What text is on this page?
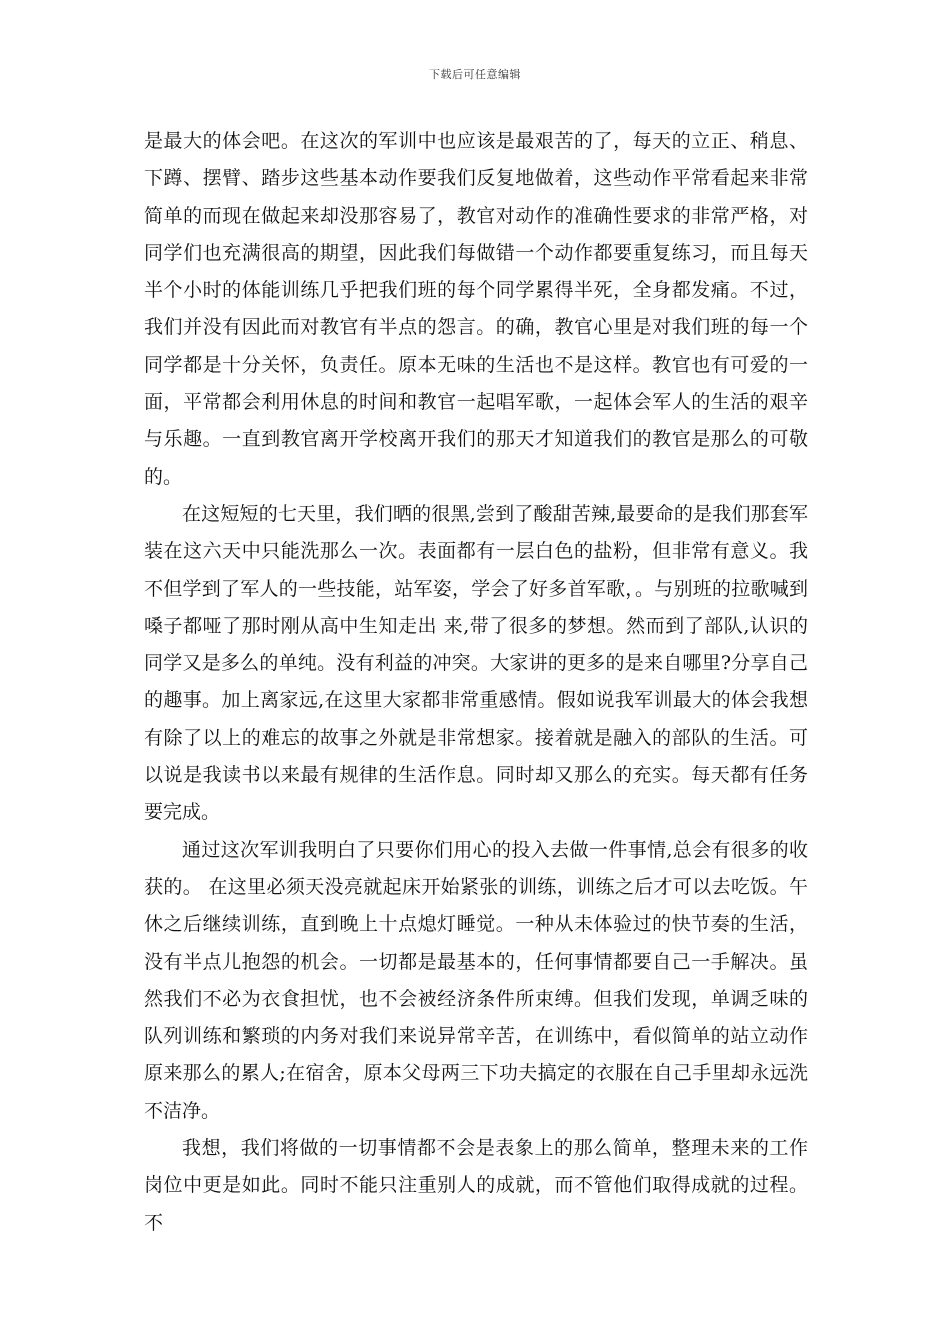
下载后可任意编辑

是最大的体会吧。在这次的军训中也应该是最艰苦的了，每天的立正、稍息、下蹲、摆臂、踏步这些基本动作要我们反复地做着，这些动作平常看起来非常简单的而现在做起来却没那容易了，教官对动作的准确性要求的非常严格，对同学们也充满很高的期望，因此我们每做错一个动作都要重复练习，而且每天半个小时的体能训练几乎把我们班的每个同学累得半死，全身都发痛。不过，我们并没有因此而对教官有半点的怨言。的确，教官心里是对我们班的每一个同学都是十分关怀，负责任。原本无味的生活也不是这样。教官也有可爱的一面，平常都会利用休息的时间和教官一起唱军歌，一起体会军人的生活的艰辛与乐趣。一直到教官离开学校离开我们的那天才知道我们的教官是那么的可敬的。

在这短短的七天里，我们晒的很黑,尝到了酸甜苦辣,最要命的是我们那套军装在这六天中只能洗那么一次。表面都有一层白色的盐粉，但非常有意义。我不但学到了军人的一些技能，站军姿，学会了好多首军歌，。与别班的拉歌喊到嗓子都哑了那时刚从高中生知走出 来,带了很多的梦想。然而到了部队,认识的同学又是多么的单纯。没有利益的冲突。大家讲的更多的是来自哪里?分享自己的趣事。加上离家远,在这里大家都非常重感情。假如说我军训最大的体会我想有除了以上的难忘的故事之外就是非常想家。接着就是融入的部队的生活。可以说是我读书以来最有规律的生活作息。同时却又那么的充实。每天都有任务要完成。

通过这次军训我明白了只要你们用心的投入去做一件事情,总会有很多的收获的。 在这里必须天没亮就起床开始紧张的训练，训练之后才可以去吃饭。午休之后继续训练，直到晚上十点熄灯睡觉。一种从未体验过的快节奏的生活，没有半点儿抱怨的机会。一切都是最基本的，任何事情都要自己一手解决。虽然我们不必为衣食担忧，也不会被经济条件所束缚。但我们发现，单调乏味的队列训练和繁琐的内务对我们来说异常辛苦，在训练中，看似简单的站立动作原来那么的累人;在宿舍，原本父母两三下功夫搞定的衣服在自己手里却永远洗不洁净。

我想，我们将做的一切事情都不会是表象上的那么简单，整理未来的工作岗位中更是如此。同时不能只注重别人的成就，而不管他们取得成就的过程。不
